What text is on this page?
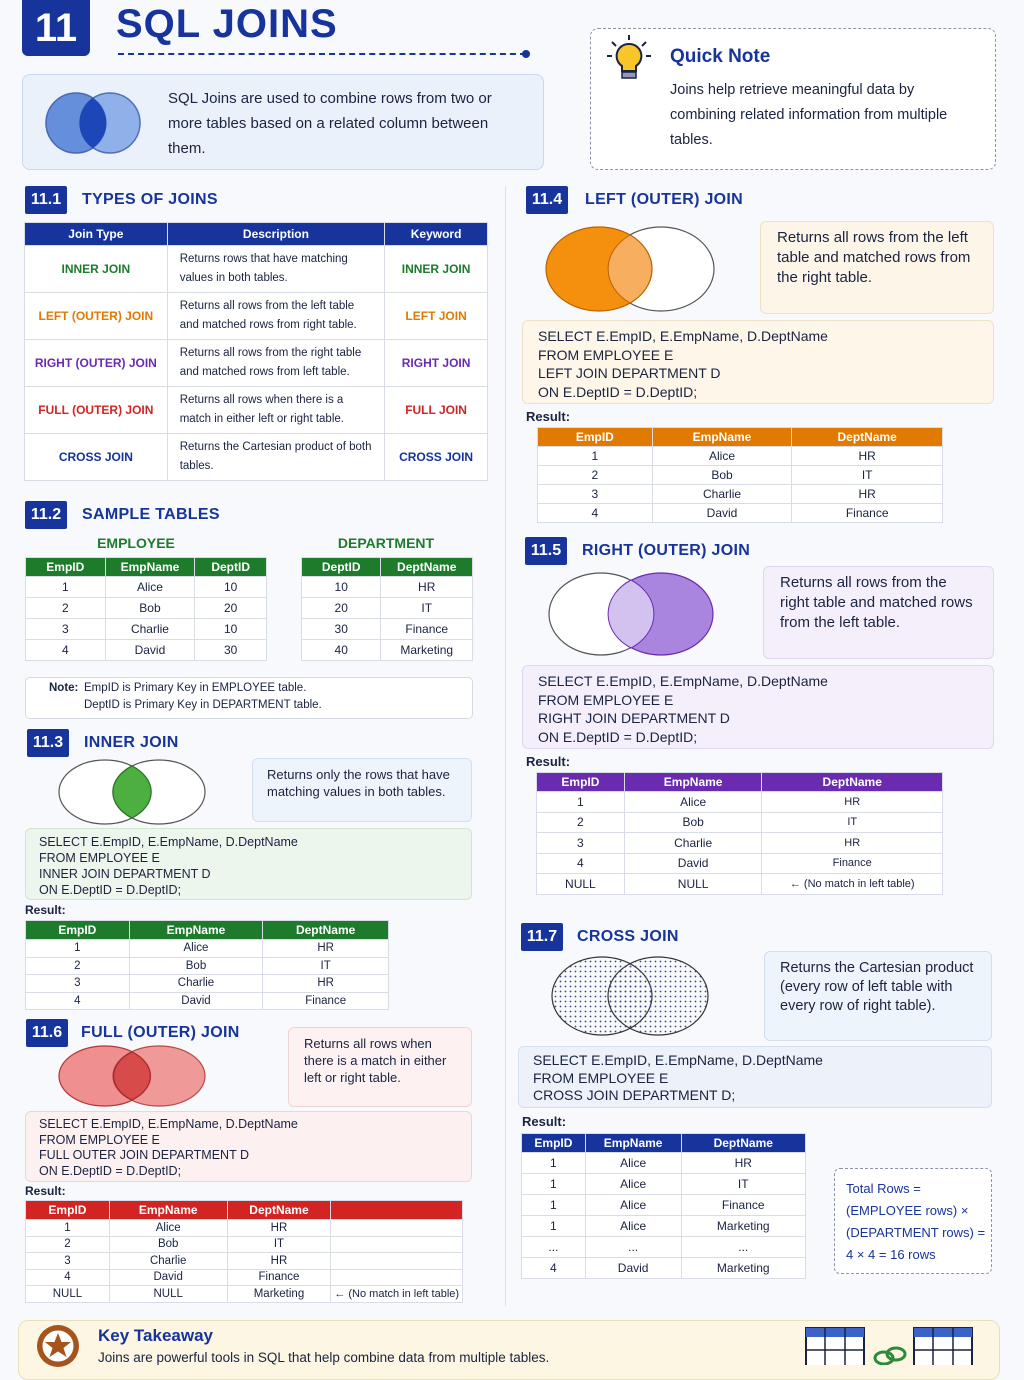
11 SQL JOINS
SQL Joins are used to combine rows from two or more tables based on a related column between them.
Quick Note
Joins help retrieve meaningful data by combining related information from multiple tables.
11.1	TYPES OF JOINS
Join Type	Description	Keyword
INNER JOIN	Returns rows that have matching values in both tables.	INNER JOIN
LEFT (OUTER) JOIN	Returns all rows from the left table and matched rows from right table.	LEFT JOIN
RIGHT (OUTER) JOIN	Returns all rows from the right table and matched rows from left table.	RIGHT JOIN
FULL (OUTER) JOIN	Returns all rows when there is a match in either left or right table.	FULL JOIN
CROSS JOIN	Returns the Cartesian product of both tables.	CROSS JOIN
11.2	SAMPLE TABLES
EMPLOYEE
EmpID	EmpName	DeptID
1	Alice	10
2	Bob	20
3	Charlie	10
4	David	30
DEPARTMENT
DeptID	DeptName
10	HR
20	IT
30	Finance
40	Marketing
Note: EmpID is Primary Key in EMPLOYEE table.
DeptID is Primary Key in DEPARTMENT table.
11.3	INNER JOIN
Returns only the rows that have matching values in both tables.
SELECT E.EmpID, E.EmpName, D.DeptName
FROM EMPLOYEE E
INNER JOIN DEPARTMENT D
ON E.DeptID = D.DeptID;
Result:
EmpID	EmpName	DeptName
1	Alice	HR
2	Bob	IT
3	Charlie	HR
4	David	Finance
11.6	FULL (OUTER) JOIN
Returns all rows when there is a match in either left or right table.
SELECT E.EmpID, E.EmpName, D.DeptName
FROM EMPLOYEE E
FULL OUTER JOIN DEPARTMENT D
ON E.DeptID = D.DeptID;
Result:
EmpID	EmpName	DeptName	
1	Alice	HR	
2	Bob	IT	
3	Charlie	HR	
4	David	Finance	
NULL	NULL	Marketing	← (No match in left table)
11.4	LEFT (OUTER) JOIN
Returns all rows from the left table and matched rows from the right table.
SELECT E.EmpID, E.EmpName, D.DeptName
FROM EMPLOYEE E
LEFT JOIN DEPARTMENT D
ON E.DeptID = D.DeptID;
Result:
EmpID	EmpName	DeptName
1	Alice	HR
2	Bob	IT
3	Charlie	HR
4	David	Finance
11.5	RIGHT (OUTER) JOIN
Returns all rows from the right table and matched rows from the left table.
SELECT E.EmpID, E.EmpName, D.DeptName
FROM EMPLOYEE E
RIGHT JOIN DEPARTMENT D
ON E.DeptID = D.DeptID;
Result:
EmpID	EmpName	DeptName
1	Alice	HR
2	Bob	IT
3	Charlie	HR
4	David	Finance
NULL	NULL	← (No match in left table)
11.7	CROSS JOIN
Returns the Cartesian product (every row of left table with every row of right table).
SELECT E.EmpID, E.EmpName, D.DeptName
FROM EMPLOYEE E
CROSS JOIN DEPARTMENT D;
Result:
EmpID	EmpName	DeptName
1	Alice	HR
1	Alice	IT
1	Alice	Finance
1	Alice	Marketing
...	...	...
4	David	Marketing
Total Rows = (EMPLOYEE rows) × (DEPARTMENT rows) = 4 × 4 = 16 rows
Key Takeaway
Joins are powerful tools in SQL that help combine data from multiple tables.
